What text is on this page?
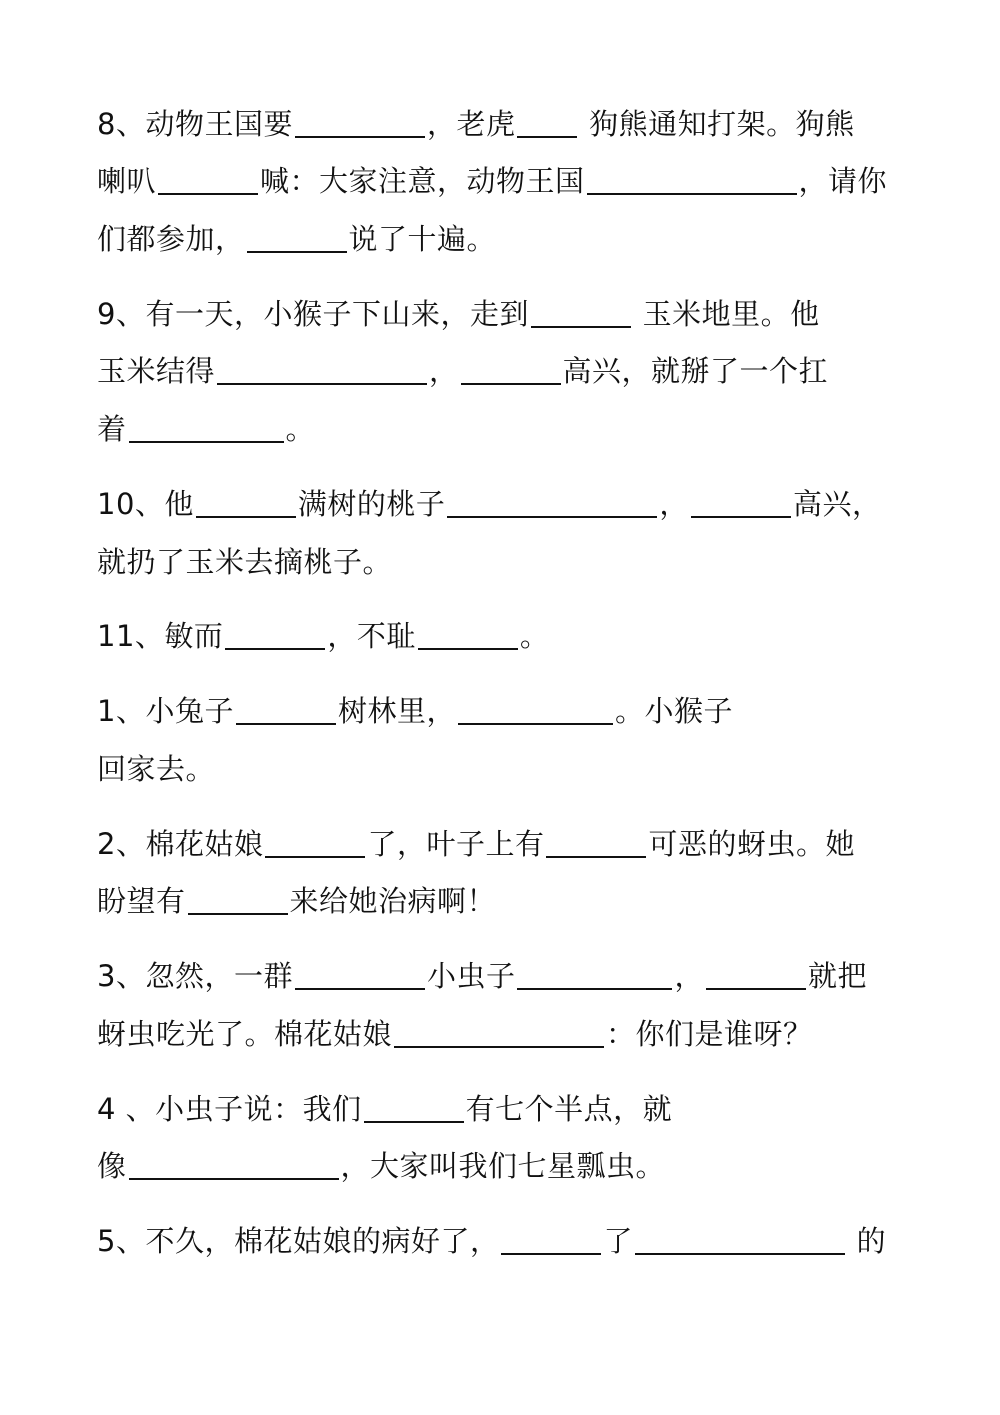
8、动物王国要	，老虎 狗熊通知打架。狗熊
喇叭	喊：大家注意，动物王国	，请你
们都参加，	说了十遍。
9、有一天，小猴子下山来，走到	玉米地里。他
玉米结得	，	高兴，就掰了一个扛
着	。
10、他	满树的桃子	，	高兴，
就扔了玉米去摘桃子。
11、敏而	，不耻	。
1、小兔子	树林里，	。小猴子
回家去。
2、棉花姑娘	了，叶子上有	可恶的蚜虫。她
盼望有	来给她治病啊！
3、忽然，一群	小虫子	，	就把
蚜虫吃光了。棉花姑娘	：你们是谁呀？
4 、小虫子说：我们	有七个半点，就
像	，大家叫我们七星瓢虫。
5、不久，棉花姑娘的病好了，	了	的
